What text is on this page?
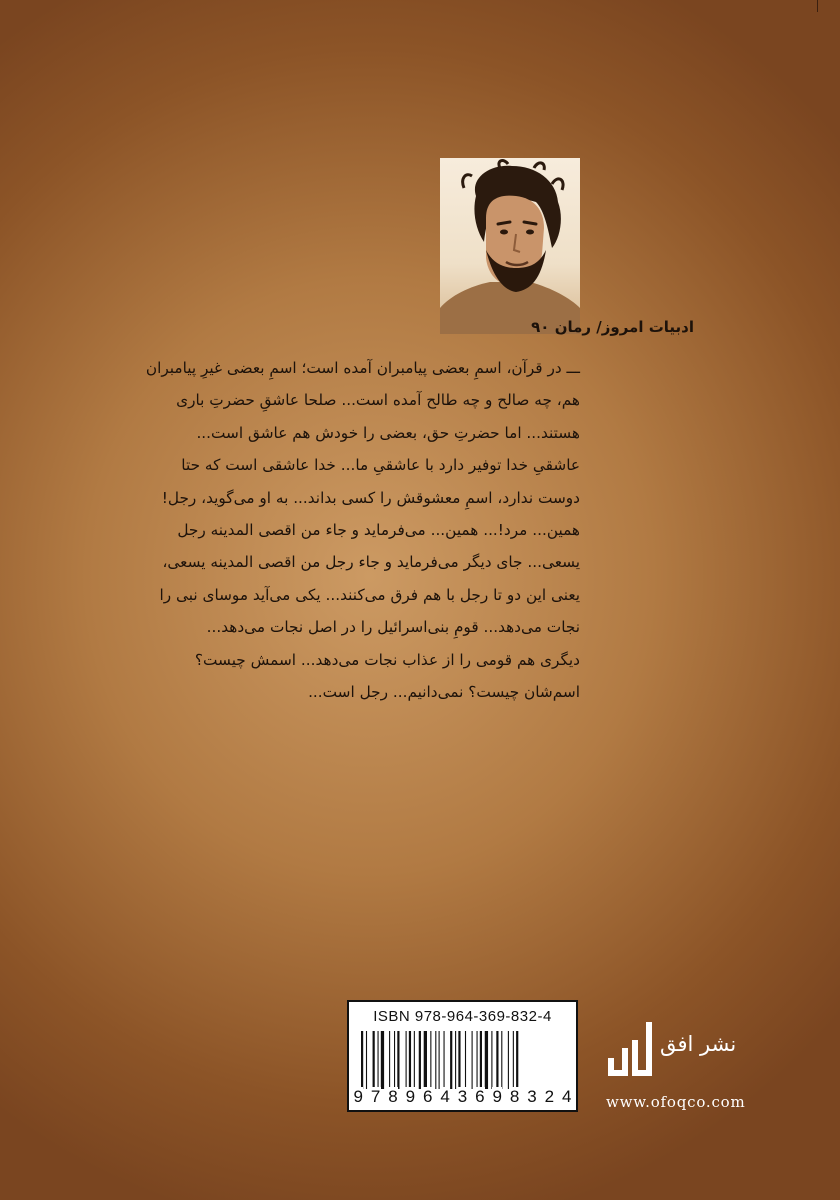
ادبیات امروز/ رمان ۹۰
ـــ در قرآن، اسمِ بعضی پیامبران آمده است؛ اسمِ بعضی غیرِ پیامبران
هم، چه صالح و چه طالح آمده است... صلحا عاشقِ حضرتِ باری
هستند... اما حضرتِ حق، بعضی را خودش هم عاشق است...
عاشقیِ خدا توفیر دارد با عاشقیِ ما... خدا عاشقی است که حتا
دوست ندارد، اسمِ معشوقش را کسی بداند... به او می‌گوید، رجل!
همین... مرد!... همین... می‌فرماید و جاء من اقصی المدینه رجل
یسعی... جای دیگر می‌فرماید و جاء رجل من اقصی المدینه یسعی،
یعنی این دو تا رجل با هم فرق می‌کنند... یکی می‌آید موسای نبی را
نجات می‌دهد... قومِ بنی‌اسرائیل را در اصل نجات می‌دهد...
دیگری هم قومی را از عذاب نجات می‌دهد... اسمش چیست؟
اسم‌شان چیست؟ نمی‌دانیم... رجل است...
ISBN 978-964-369-832-4
9 7 8 9 6 4 3 6 9 8 3 2 4
نشر افق
www.ofoqco.com
